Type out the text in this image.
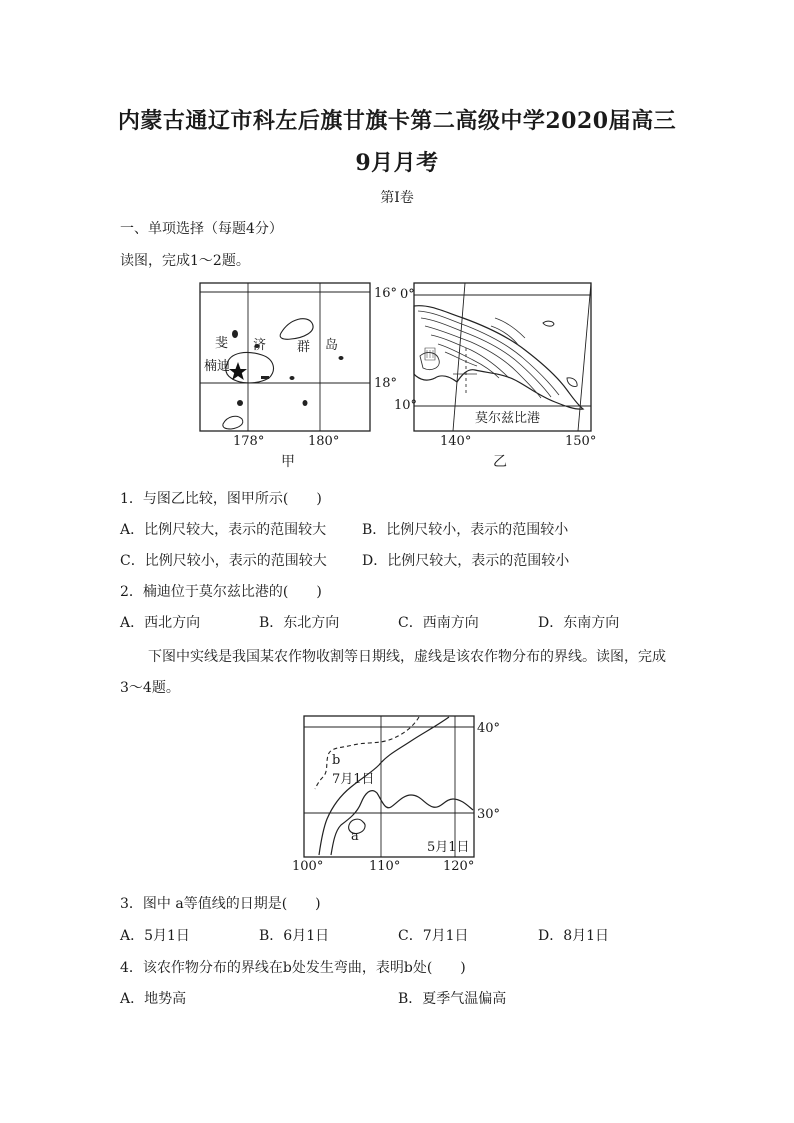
内蒙古通辽市科左后旗甘旗卡第二高级中学2020届高三
9月月考
第Ⅰ卷
一、单项选择（每题4分）
读图，完成1～2题。
斐 济 群 岛
楠迪
16°
18°
178°	180°
甲
0°
10°
140°	150°
莫尔兹比港
乙
1．与图乙比较，图甲所示(　　)
A．比例尺较大，表示的范围较大	B．比例尺较小，表示的范围较小
C．比例尺较小，表示的范围较大	D．比例尺较大，表示的范围较小
2．楠迪位于莫尔兹比港的(　　)
A．西北方向	B．东北方向	C．西南方向	D．东南方向
下图中实线是我国某农作物收割等日期线，虚线是该农作物分布的界线。读图，完成
3～4题。
b
7月1日
a
5月1日
40°
30°
100°	110°	120°
3．图中 a等值线的日期是(　　)
A．5月1日	B．6月1日	C．7月1日	D．8月1日
4．该农作物分布的界线在b处发生弯曲，表明b处(　　)
A．地势高	B．夏季气温偏高
